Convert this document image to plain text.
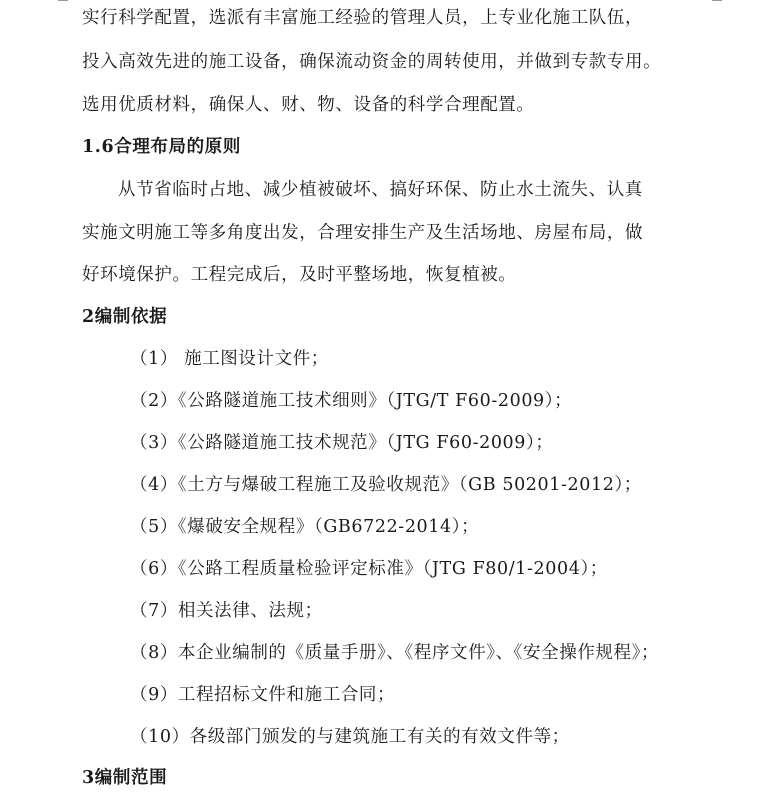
实行科学配置，选派有丰富施工经验的管理人员，上专业化施工队伍，
投入高效先进的施工设备，确保流动资金的周转使用，并做到专款专用。
选用优质材料，确保人、财、物、设备的科学合理配置。
1.6合理布局的原则
从节省临时占地、减少植被破坏、搞好环保、防止水土流失、认真
实施文明施工等多角度出发，合理安排生产及生活场地、房屋布局，做
好环境保护。工程完成后，及时平整场地，恢复植被。
2编制依据
（1） 施工图设计文件；
（2）《公路隧道施工技术细则》（JTG/T F60-2009）；
（3）《公路隧道施工技术规范》（JTG F60-2009）；
（4）《土方与爆破工程施工及验收规范》（GB 50201-2012）；
（5）《爆破安全规程》（GB6722-2014）；
（6）《公路工程质量检验评定标准》（JTG F80/1-2004）；
（7）相关法律、法规；
（8）本企业编制的《质量手册》、《程序文件》、《安全操作规程》；
（9）工程招标文件和施工合同；
（10）各级部门颁发的与建筑施工有关的有效文件等；
3编制范围
